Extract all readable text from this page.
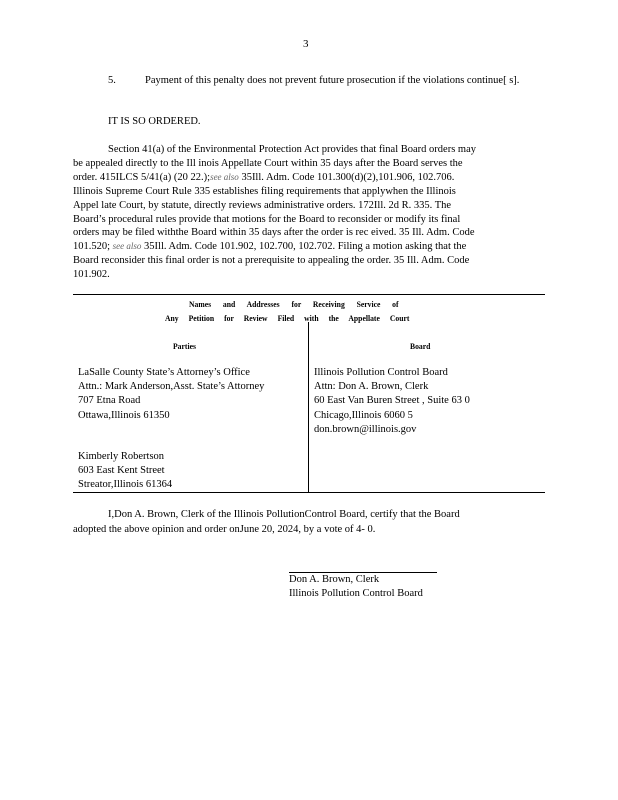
3
5.	Payment of this penalty does not prevent future prosecution if the violations continue[ s].
IT IS SO ORDERED.
Section 41(a) of the Environmental Protection Act provides that final Board orders may
be appealed directly to the Ill inois Appellate Court within 35 days after the Board serves the
order. 415ILCS 5/41(a) (20 22.);see also 35Ill. Adm. Code 101.300(d)(2),101.906, 102.706.
Illinois Supreme Court Rule 335 establishes filing requirements that applywhen the Illinois
Appel late Court, by statute, directly reviews administrative orders. 172Ill. 2d R. 335. The
Board’s procedural rules provide that motions for the Board to reconsider or modify its final
orders may be filed withthe Board within 35 days after the order is rec eived. 35 Ill. Adm. Code
101.520; see also 35Ill. Adm. Code 101.902, 102.700, 102.702. Filing a motion asking that the
Board reconsider this final order is not a prerequisite to appealing the order. 35 Ill. Adm. Code
101.902.
Names and Addresses for Receiving Service of
Any Petition for Review Filed with the Appellate Court
Parties	Board
LaSalle County State’s Attorney’s Office
Attn.: Mark Anderson,Asst. State’s Attorney
707 Etna Road
Ottawa,Illinois 61350
Kimberly Robertson
603 East Kent Street
Streator,Illinois 61364
Illinois Pollution Control Board
Attn: Don A. Brown, Clerk
60 East Van Buren Street , Suite 63 0
Chicago,Illinois 6060 5
don.brown@illinois.gov
I,Don A. Brown, Clerk of the Illinois PollutionControl Board, certify that the Board
adopted the above opinion and order onJune 20, 2024, by a vote of 4- 0.
Don A. Brown, Clerk
Illinois Pollution Control Board
